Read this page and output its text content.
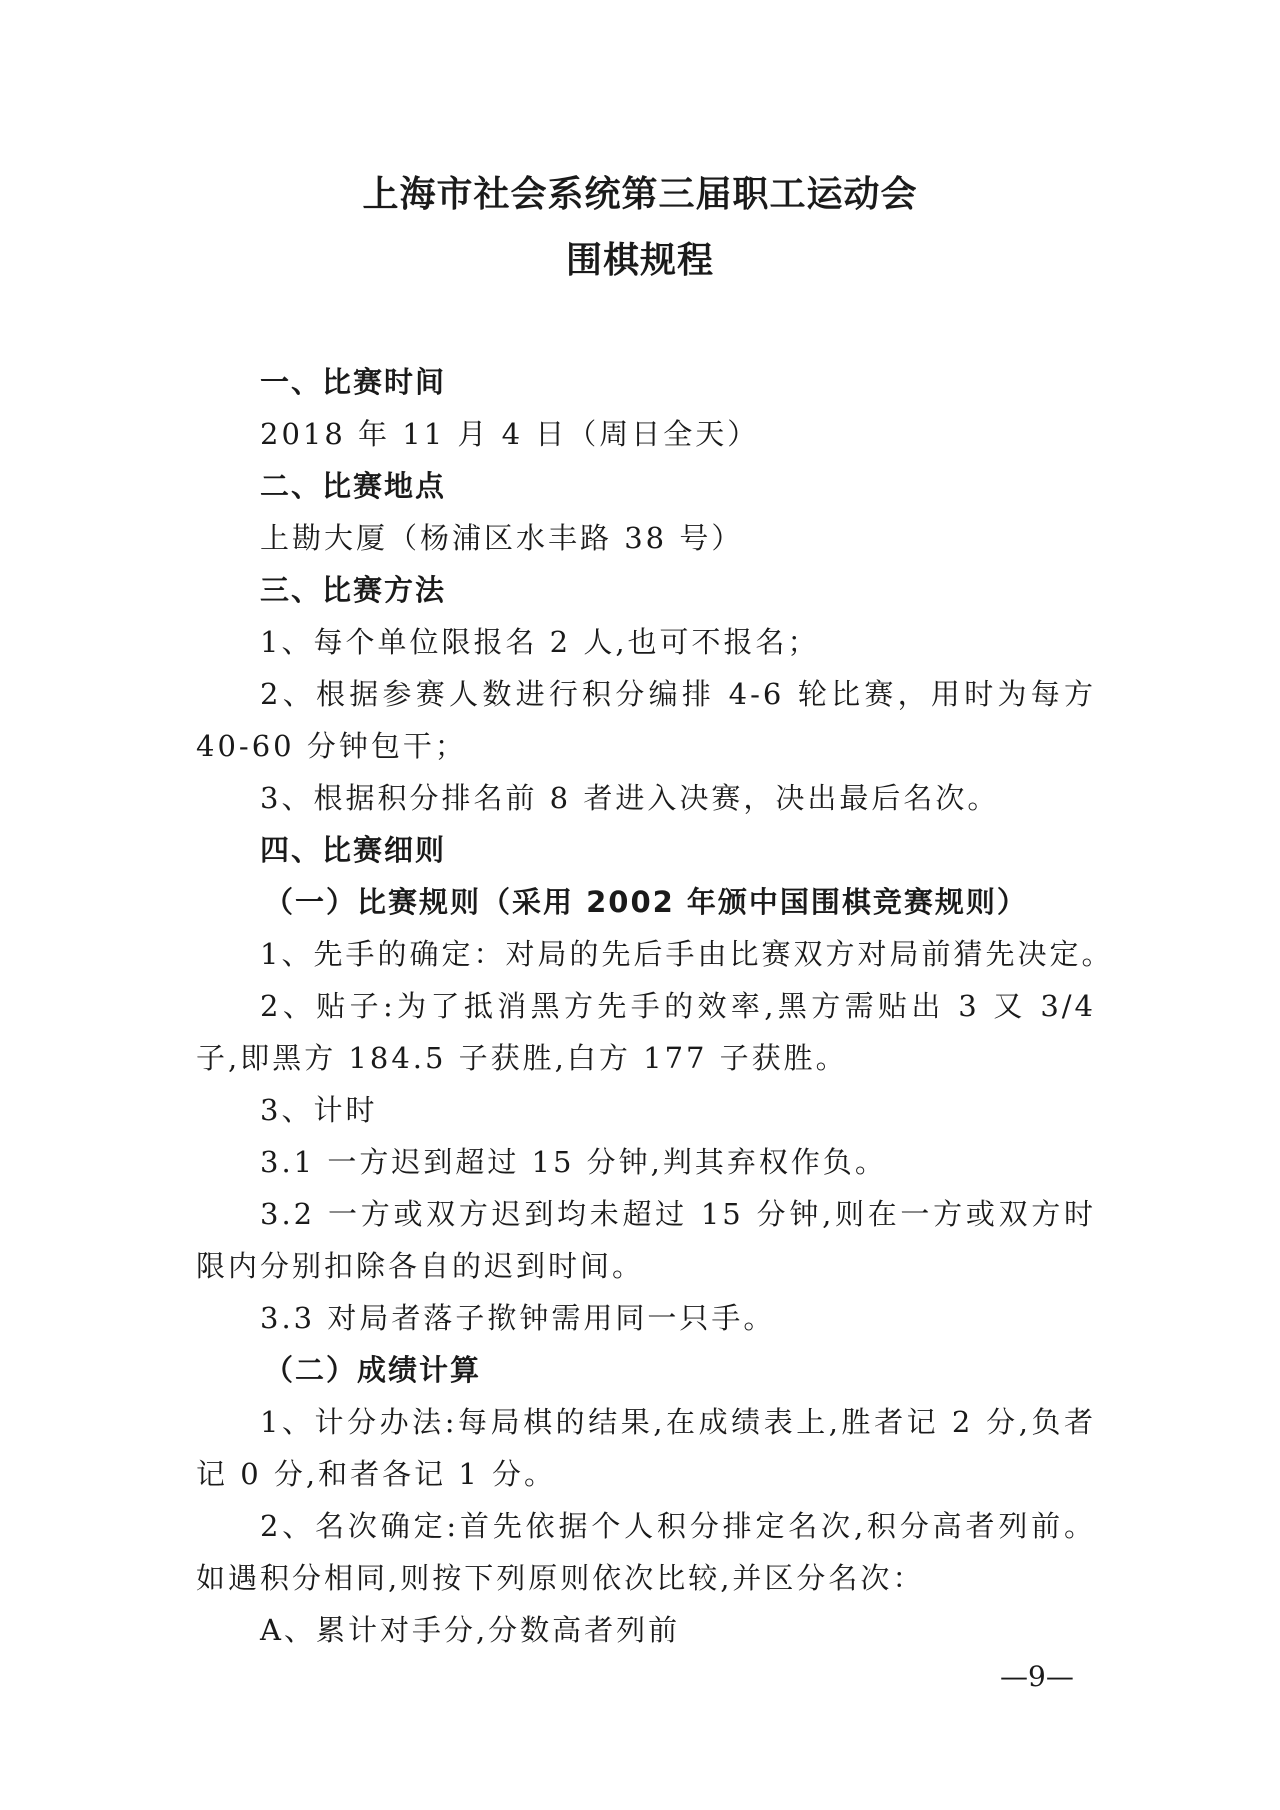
上海市社会系统第三届职工运动会
围棋规程
一、比赛时间
2018 年 11 月 4 日（周日全天）
二、比赛地点
上勘大厦（杨浦区水丰路 38 号）
三、比赛方法
1、每个单位限报名 2 人,也可不报名；
2、根据参赛人数进行积分编排 4-6 轮比赛，用时为每方 40-60 分钟包干；
3、根据积分排名前 8 者进入决赛，决出最后名次。
四、比赛细则
（一）比赛规则（采用 2002 年颁中国围棋竞赛规则）
1、先手的确定：对局的先后手由比赛双方对局前猜先决定。
2、贴子:为了抵消黑方先手的效率,黑方需贴出 3 又 3/4 子,即黑方 184.5 子获胜,白方 177 子获胜。
3、计时
3.1 一方迟到超过 15 分钟,判其弃权作负。
3.2 一方或双方迟到均未超过 15 分钟,则在一方或双方时限内分别扣除各自的迟到时间。
3.3 对局者落子揿钟需用同一只手。
（二）成绩计算
1、计分办法:每局棋的结果,在成绩表上,胜者记 2 分,负者记 0 分,和者各记 1 分。
2、名次确定:首先依据个人积分排定名次,积分高者列前。如遇积分相同,则按下列原则依次比较,并区分名次：
A、累计对手分,分数高者列前
—9—
